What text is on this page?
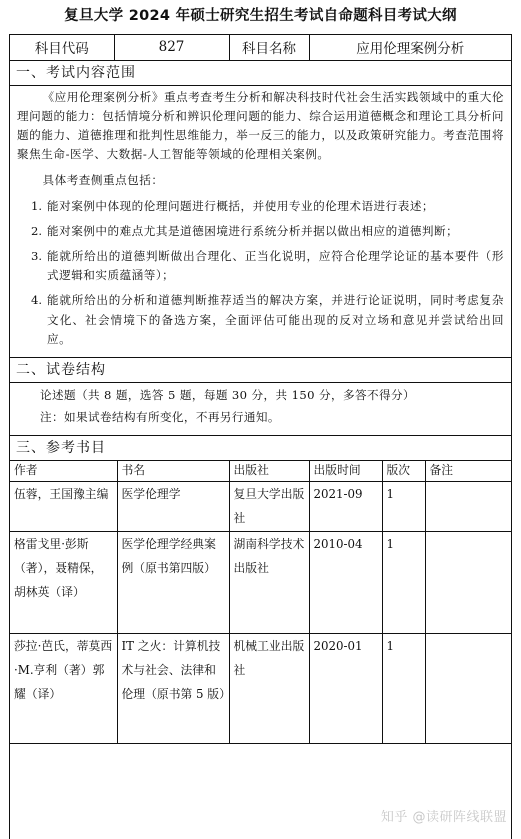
复旦大学 2024 年硕士研究生招生考试自命题科目考试大纲
科目代码	827	科目名称	应用伦理案例分析
一、考试内容范围
《应用伦理案例分析》重点考查考生分析和解决科技时代社会生活实践领域中的重大伦理问题的能力：包括情境分析和辨识伦理问题的能力、综合运用道德概念和理论工具分析问题的能力、道德推理和批判性思维能力，举一反三的能力，以及政策研究能力。考查范围将聚焦生命-医学、大数据-人工智能等领域的伦理相关案例。
具体考查侧重点包括：
1. 能对案例中体现的伦理问题进行概括，并使用专业的伦理术语进行表述；
2. 能对案例中的难点尤其是道德困境进行系统分析并据以做出相应的道德判断；
3. 能就所给出的道德判断做出合理化、正当化说明，应符合伦理学论证的基本要件（形式逻辑和实质蕴涵等）；
4. 能就所给出的分析和道德判断推荐适当的解决方案，并进行论证说明，同时考虑复杂文化、社会情境下的备选方案，全面评估可能出现的反对立场和意见并尝试给出回应。
二、试卷结构
论述题（共 8 题，选答 5 题，每题 30 分，共 150 分，多答不得分）
注：如果试卷结构有所变化，不再另行通知。
三、参考书目
作者	书名	出版社	出版时间	版次	备注
伍蓉，王国豫主编	医学伦理学	复旦大学出版社	2021-09	1	
格雷戈里·彭斯（著），聂精保，胡林英（译）	医学伦理学经典案例（原书第四版）	湖南科学技术出版社	2010-04	1	
莎拉·芭氏，蒂莫西·M.亨利（著）郭耀（译）	IT 之火：计算机技术与社会、法律和伦理（原书第 5 版）	机械工业出版社	2020-01	1	
知乎 @读研阵线联盟
